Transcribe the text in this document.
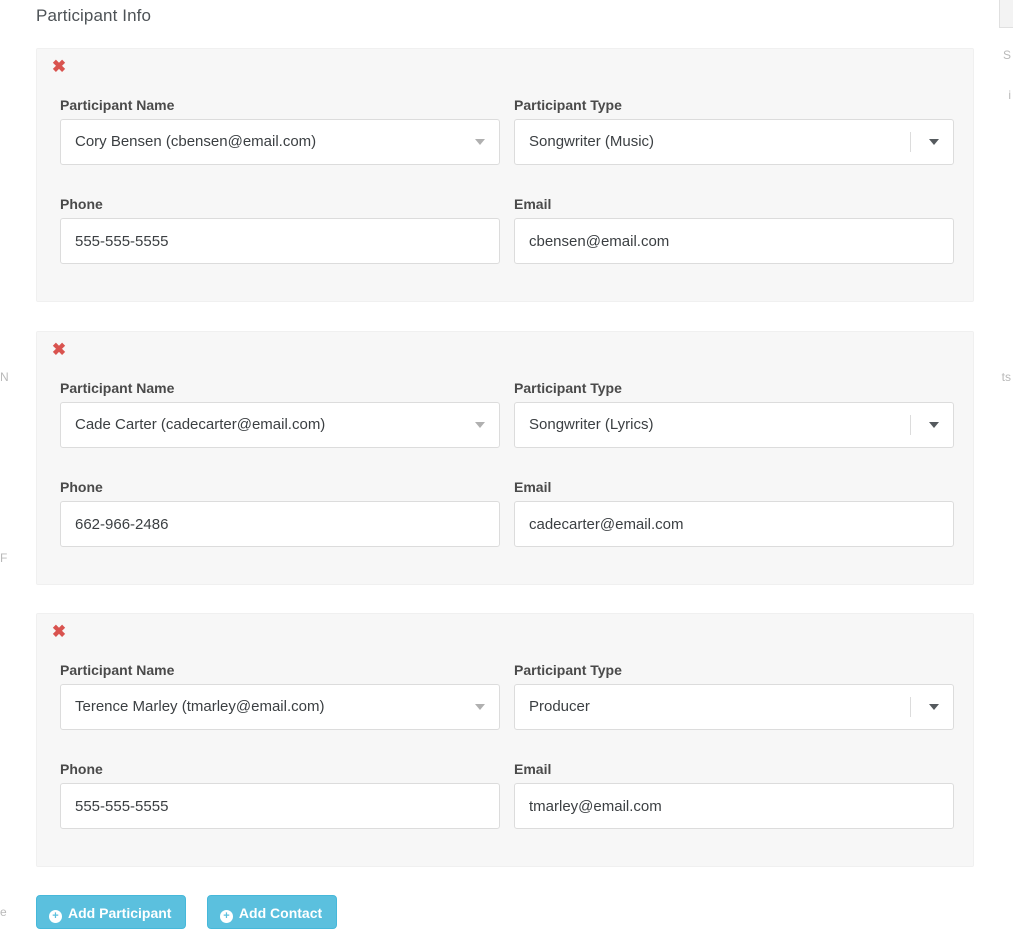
N
F
e
S
i
ts
Participant Info
✖
Participant Name
Cory Bensen (cbensen@email.com)
Participant Type
Songwriter (Music)
Phone
555-555-5555	Email
cbensen@email.com
✖
Participant Name
Cade Carter (cadecarter@email.com)
Participant Type
Songwriter (Lyrics)
Phone
662-966-2486	Email
cadecarter@email.com
✖
Participant Name
Terence Marley (tmarley@email.com)
Participant Type
Producer
Phone
555-555-5555	Email
tmarley@email.com
+ Add Participant	+ Add Contact
